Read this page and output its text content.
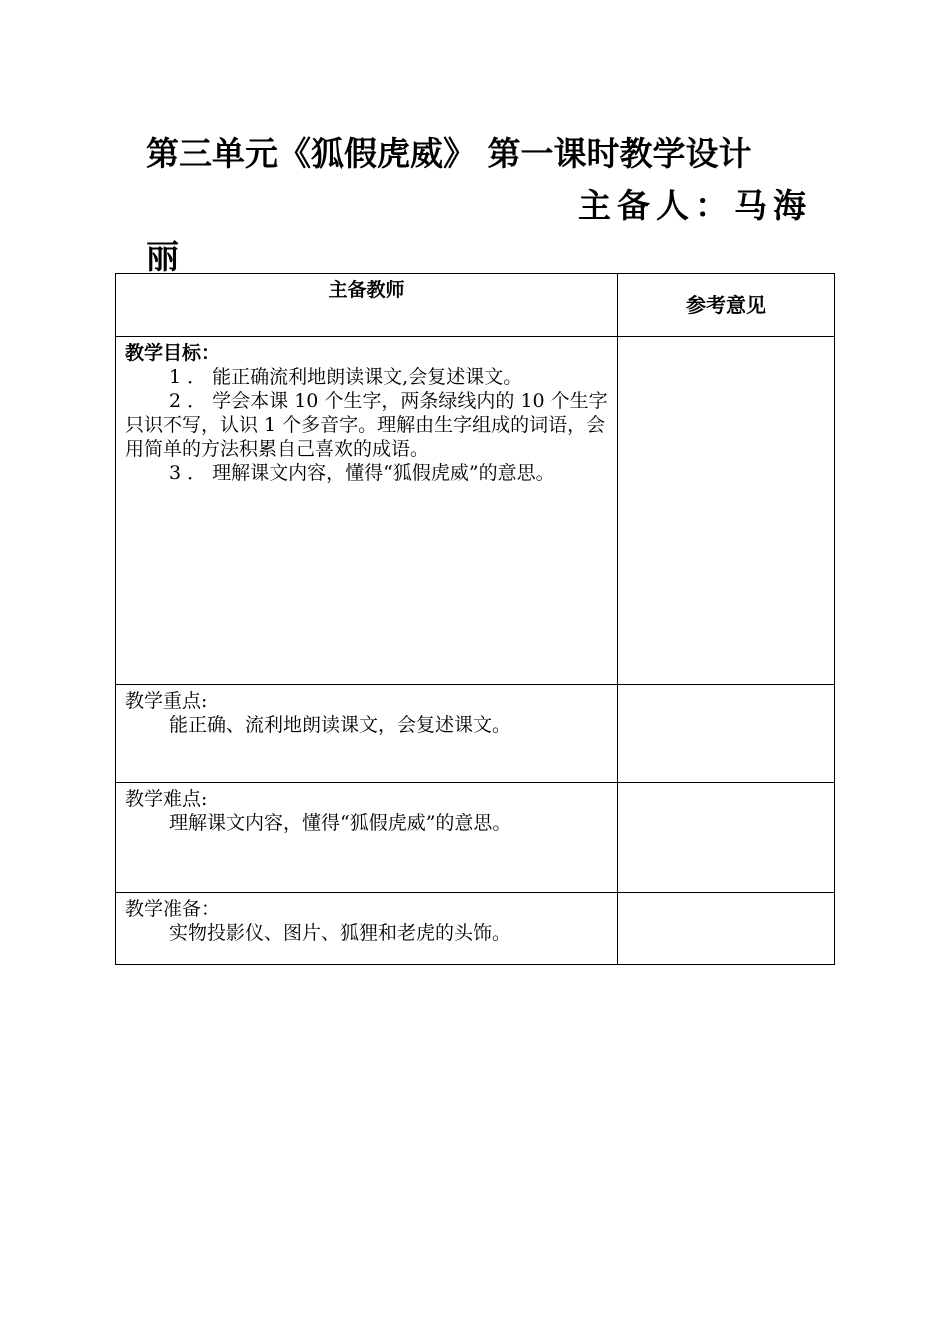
第三单元《狐假虎威》 第一课时教学设计
主备人：马海
丽
主备教师	参考意见

教学目标：
1 ． 能正确流利地朗读课文,会复述课文。
2 ． 学会本课 10 个生字，两条绿线内的 10 个生字只识不写，认识 1 个多音字。理解由生字组成的词语，会用简单的方法积累自己喜欢的成语。
3 ． 理解课文内容，懂得“狐假虎威”的意思。	

教学重点:
能正确、流利地朗读课文，会复述课文。	

教学难点:
理解课文内容，懂得“狐假虎威”的意思。	

教学准备：
实物投影仪、图片、狐狸和老虎的头饰。	
